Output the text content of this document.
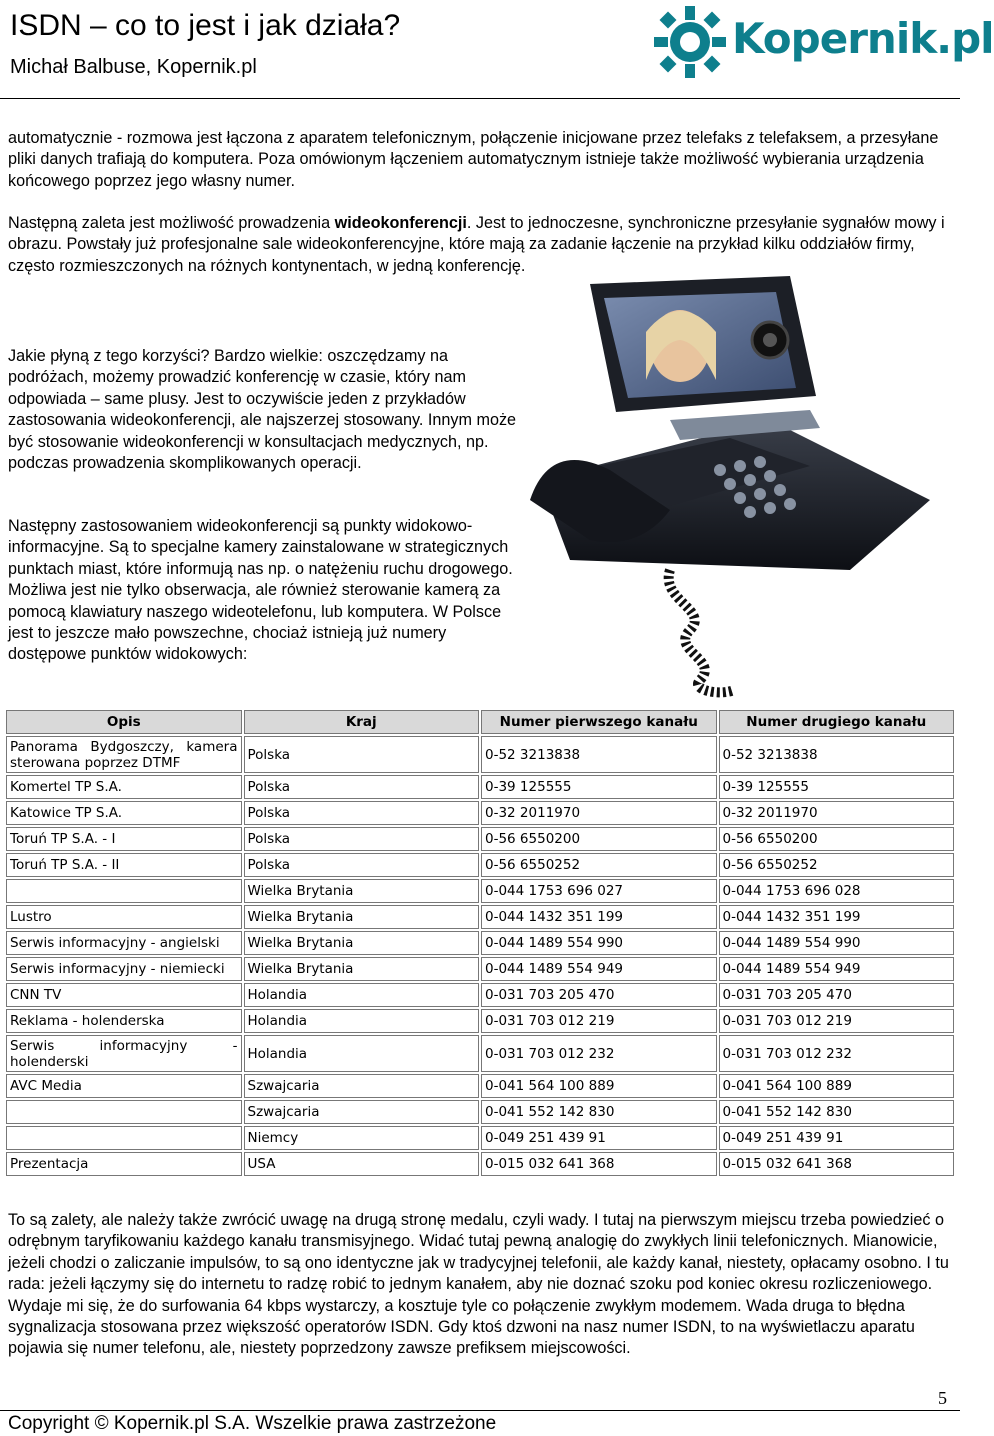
ISDN – co to jest i jak działa?
Michał Balbuse, Kopernik.pl
Kopernik.pl
automatycznie - rozmowa jest łączona z aparatem telefonicznym, połączenie inicjowane przez telefaks z telefaksem, a przesyłane pliki danych trafiają do komputera. Poza omówionym łączeniem automatycznym istnieje także możliwość wybierania urządzenia końcowego poprzez jego własny numer.
Następną zaleta jest możliwość prowadzenia wideokonferencji. Jest to jednoczesne, synchroniczne przesyłanie sygnałów mowy i obrazu. Powstały już profesjonalne sale wideokonferencyjne, które mają za zadanie łączenie na przykład kilku oddziałów firmy, często rozmieszczonych na różnych kontynentach, w jedną konferencję.
Jakie płyną z tego korzyści? Bardzo wielkie: oszczędzamy na podróżach, możemy prowadzić konferencję w czasie, który nam odpowiada – same plusy. Jest to oczywiście jeden z przykładów zastosowania wideokonferencji, ale najszerzej stosowany. Innym może być stosowanie wideokonferencji w konsultacjach medycznych, np. podczas prowadzenia skomplikowanych operacji.
Następny zastosowaniem wideokonferencji są punkty widokowo- informacyjne. Są to specjalne kamery zainstalowane w strategicznych punktach miast, które informują nas np. o natężeniu ruchu drogowego. Możliwa jest nie tylko obserwacja, ale również sterowanie kamerą za pomocą klawiatury naszego wideotelefonu, lub komputera. W Polsce jest to jeszcze mało powszechne, chociaż istnieją już numery dostępowe punktów widokowych:
Opis	Kraj	Numer pierwszego kanału	Numer drugiego kanału
Panorama Bydgoszczy, kamera sterowana poprzez DTMF	Polska	0-52 3213838	0-52 3213838
Komertel TP S.A.	Polska	0-39 125555	0-39 125555
Katowice TP S.A.	Polska	0-32 2011970	0-32 2011970
Toruń TP S.A. - I	Polska	0-56 6550200	0-56 6550200
Toruń TP S.A. - II	Polska	0-56 6550252	0-56 6550252
	Wielka Brytania	0-044 1753 696 027	0-044 1753 696 028
Lustro	Wielka Brytania	0-044 1432 351 199	0-044 1432 351 199
Serwis informacyjny - angielski	Wielka Brytania	0-044 1489 554 990	0-044 1489 554 990
Serwis informacyjny - niemiecki	Wielka Brytania	0-044 1489 554 949	0-044 1489 554 949
CNN TV	Holandia	0-031 703 205 470	0-031 703 205 470
Reklama - holenderska	Holandia	0-031 703 012 219	0-031 703 012 219
Serwis informacyjny - holenderski	Holandia	0-031 703 012 232	0-031 703 012 232
AVC Media	Szwajcaria	0-041 564 100 889	0-041 564 100 889
	Szwajcaria	0-041 552 142 830	0-041 552 142 830
	Niemcy	0-049 251 439 91	0-049 251 439 91
Prezentacja	USA	0-015 032 641 368	0-015 032 641 368
To są zalety, ale należy także zwrócić uwagę na drugą stronę medalu, czyli wady. I tutaj na pierwszym miejscu trzeba powiedzieć o odrębnym taryfikowaniu każdego kanału transmisyjnego. Widać tutaj pewną analogię do zwykłych linii telefonicznych. Mianowicie, jeżeli chodzi o zaliczanie impulsów, to są ono identyczne jak w tradycyjnej telefonii, ale każdy kanał, niestety, opłacamy osobno. I tu rada: jeżeli łączymy się do internetu to radzę robić to jednym kanałem, aby nie doznać szoku pod koniec okresu rozliczeniowego. Wydaje mi się, że do surfowania 64 kbps wystarczy, a kosztuje tyle co połączenie zwykłym modemem. Wada druga to błędna sygnalizacja stosowana przez większość operatorów ISDN. Gdy ktoś dzwoni na nasz numer ISDN, to na wyświetlaczu aparatu pojawia się numer telefonu, ale, niestety poprzedzony zawsze prefiksem miejscowości.
5
Copyright © Kopernik.pl S.A. Wszelkie prawa zastrzeżone
